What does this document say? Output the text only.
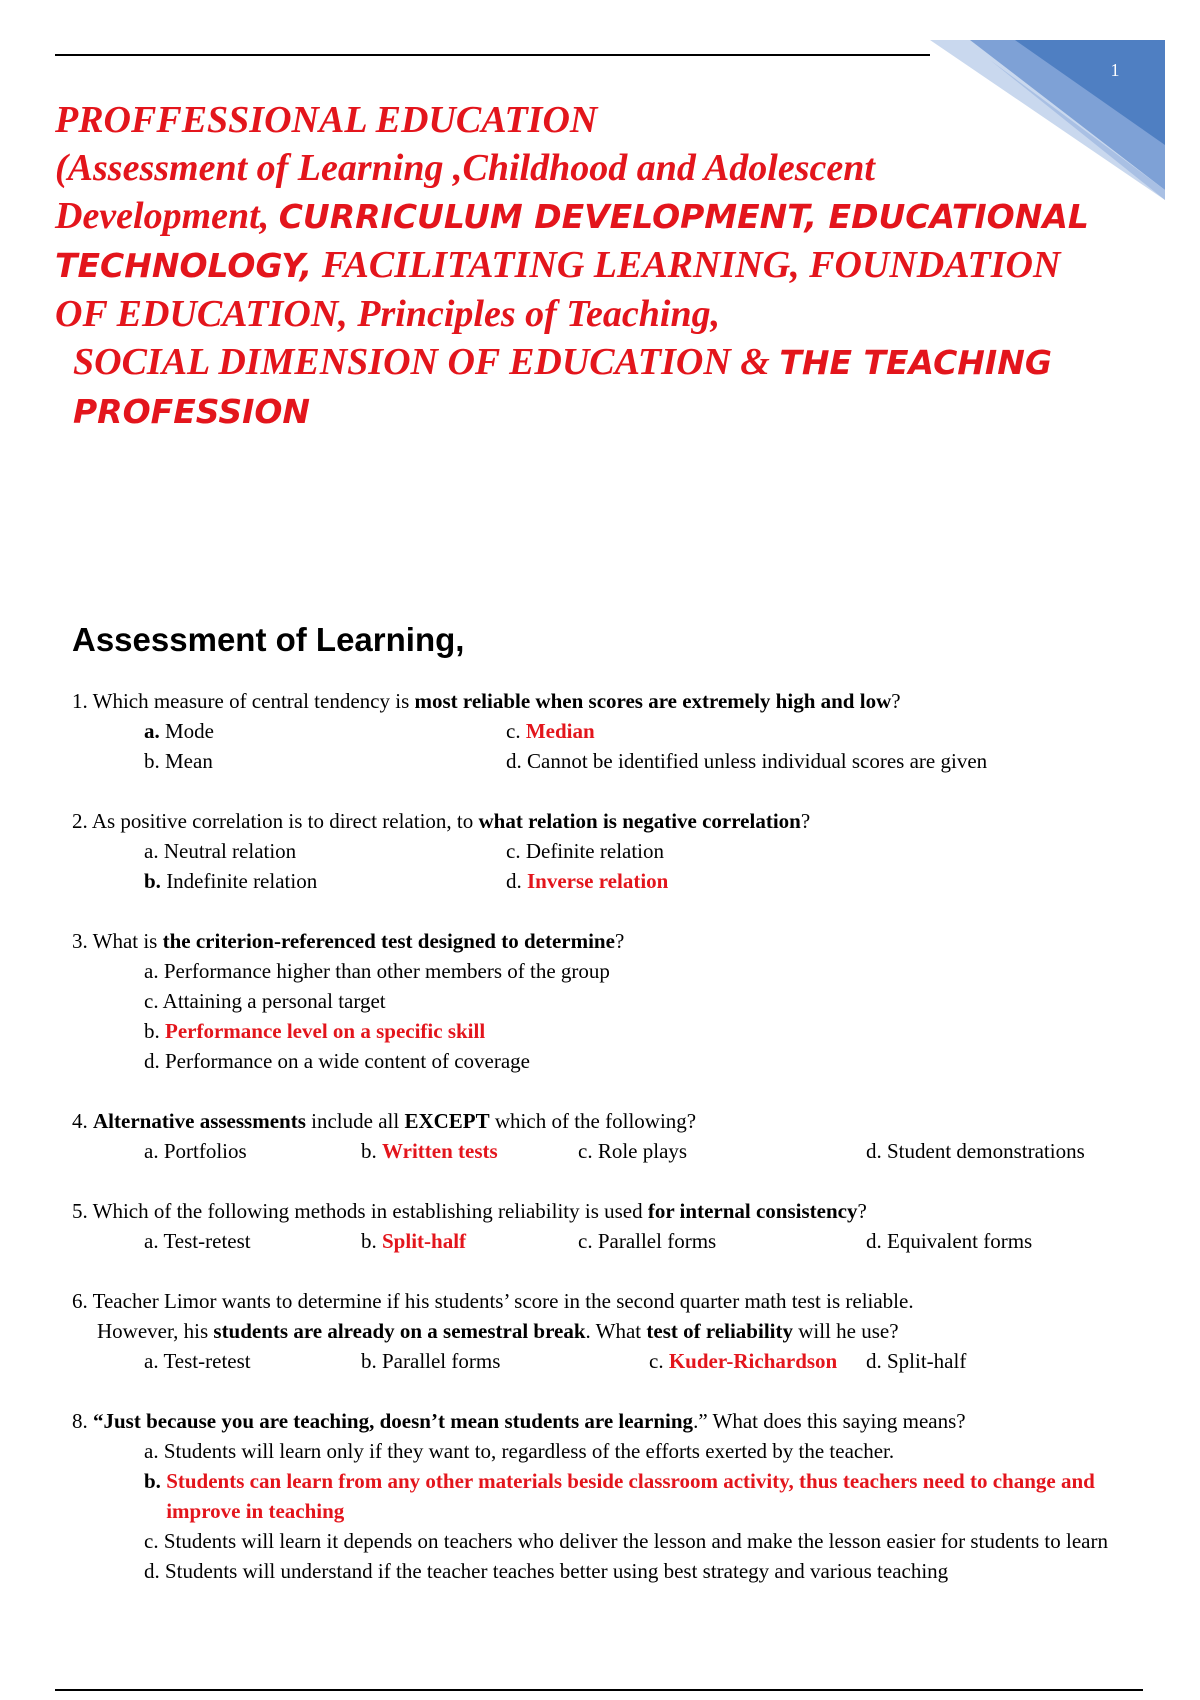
1
PROFFESSIONAL EDUCATION
(Assessment of Learning ,Childhood and Adolescent
Development, CURRICULUM DEVELOPMENT, EDUCATIONAL
TECHNOLOGY, FACILITATING LEARNING, FOUNDATION
OF EDUCATION, Principles of Teaching,
SOCIAL DIMENSION OF EDUCATION & THE TEACHING
PROFESSION
Assessment of Learning,

1. Which measure of central tendency is most reliable when scores are extremely high and low?

a. Mode	c. Median
b. Mean	d. Cannot be identified unless individual scores are given

2. As positive correlation is to direct relation, to what relation is negative correlation?

a. Neutral relation	c. Definite relation
b. Indefinite relation	d. Inverse relation

3. What is the criterion-referenced test designed to determine?

a. Performance higher than other members of the group
c. Attaining a personal target
b. Performance level on a specific skill
d. Performance on a wide content of coverage

4. Alternative assessments include all EXCEPT which of the following?

a. Portfolios	b. Written tests	c. Role plays	d. Student demonstrations

5. Which of the following methods in establishing reliability is used for internal consistency?

a. Test-retest	b. Split-half	c. Parallel forms	d. Equivalent forms

6. Teacher Limor wants to determine if his students’ score in the second quarter math test is reliable.
However, his students are already on a semestral break. What test of reliability will he use?

a. Test-retest	b. Parallel forms	c. Kuder-Richardson	d. Split-half

8. “Just because you are teaching, doesn’t mean students are learning.” What does this saying means?

a. Students will learn only if they want to, regardless of the efforts exerted by the teacher.
b.
Students can learn from any other materials beside classroom activity, thus teachers need to change and improve in teaching
c.
Students will learn it depends on teachers who deliver the lesson and make the lesson easier for students to learn
d.
Students will understand if the teacher teaches better using best strategy and various teaching
